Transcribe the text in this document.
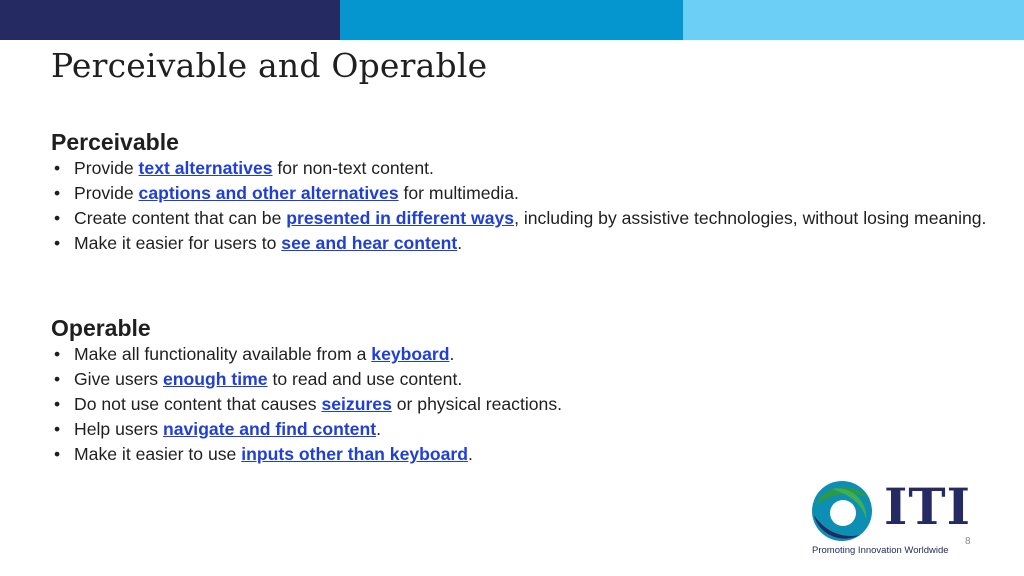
Perceivable and Operable
Perceivable
• Provide text alternatives for non-text content.
• Provide captions and other alternatives for multimedia.
• Create content that can be presented in different ways, including by assistive technologies, without losing meaning.
• Make it easier for users to see and hear content.
Operable
• Make all functionality available from a keyboard.
• Give users enough time to read and use content.
• Do not use content that causes seizures or physical reactions.
• Help users navigate and find content.
• Make it easier to use inputs other than keyboard.
ITI
Promoting Innovation Worldwide
8
